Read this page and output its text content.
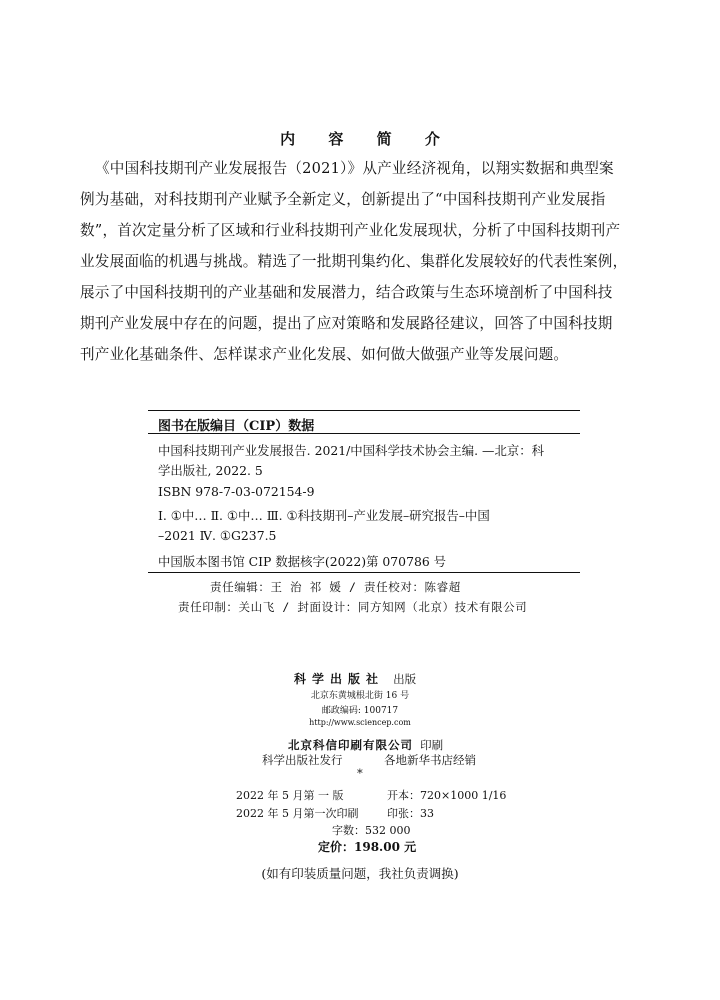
内 容 简 介
《中国科技期刊产业发展报告（2021）》从产业经济视角，以翔实数据和典型案
例为基础，对科技期刊产业赋予全新定义，创新提出了“中国科技期刊产业发展指
数”，首次定量分析了区域和行业科技期刊产业化发展现状，分析了中国科技期刊产
业发展面临的机遇与挑战。精选了一批期刊集约化、集群化发展较好的代表性案例，
展示了中国科技期刊的产业基础和发展潜力，结合政策与生态环境剖析了中国科技
期刊产业发展中存在的问题，提出了应对策略和发展路径建议，回答了中国科技期
刊产业化基础条件、怎样谋求产业化发展、如何做大做强产业等发展问题。
图书在版编目（CIP）数据
中国科技期刊产业发展报告. 2021/中国科学技术协会主编. —北京：科
学出版社, 2022. 5
ISBN 978-7-03-072154-9
Ⅰ. ①中… Ⅱ. ①中… Ⅲ. ①科技期刊–产业发展–研究报告–中国
–2021 Ⅳ. ①G237.5
中国版本图书馆 CIP 数据核字(2022)第 070786 号
责任编辑：王 治 祁 媛 / 责任校对：陈睿超
责任印制：关山飞 / 封面设计：同方知网（北京）技术有限公司
科学出版社 出版
北京东黄城根北街 16 号
邮政编码: 100717
http://www.sciencep.com
北京科信印刷有限公司 印刷
科学出版社发行	各地新华书店经销
*
2022 年 5 月第 一 版	开本：720×1000 1/16
2022 年 5 月第一次印刷	印张：33
字数：532 000
定价：198.00 元
(如有印装质量问题，我社负责调换)
